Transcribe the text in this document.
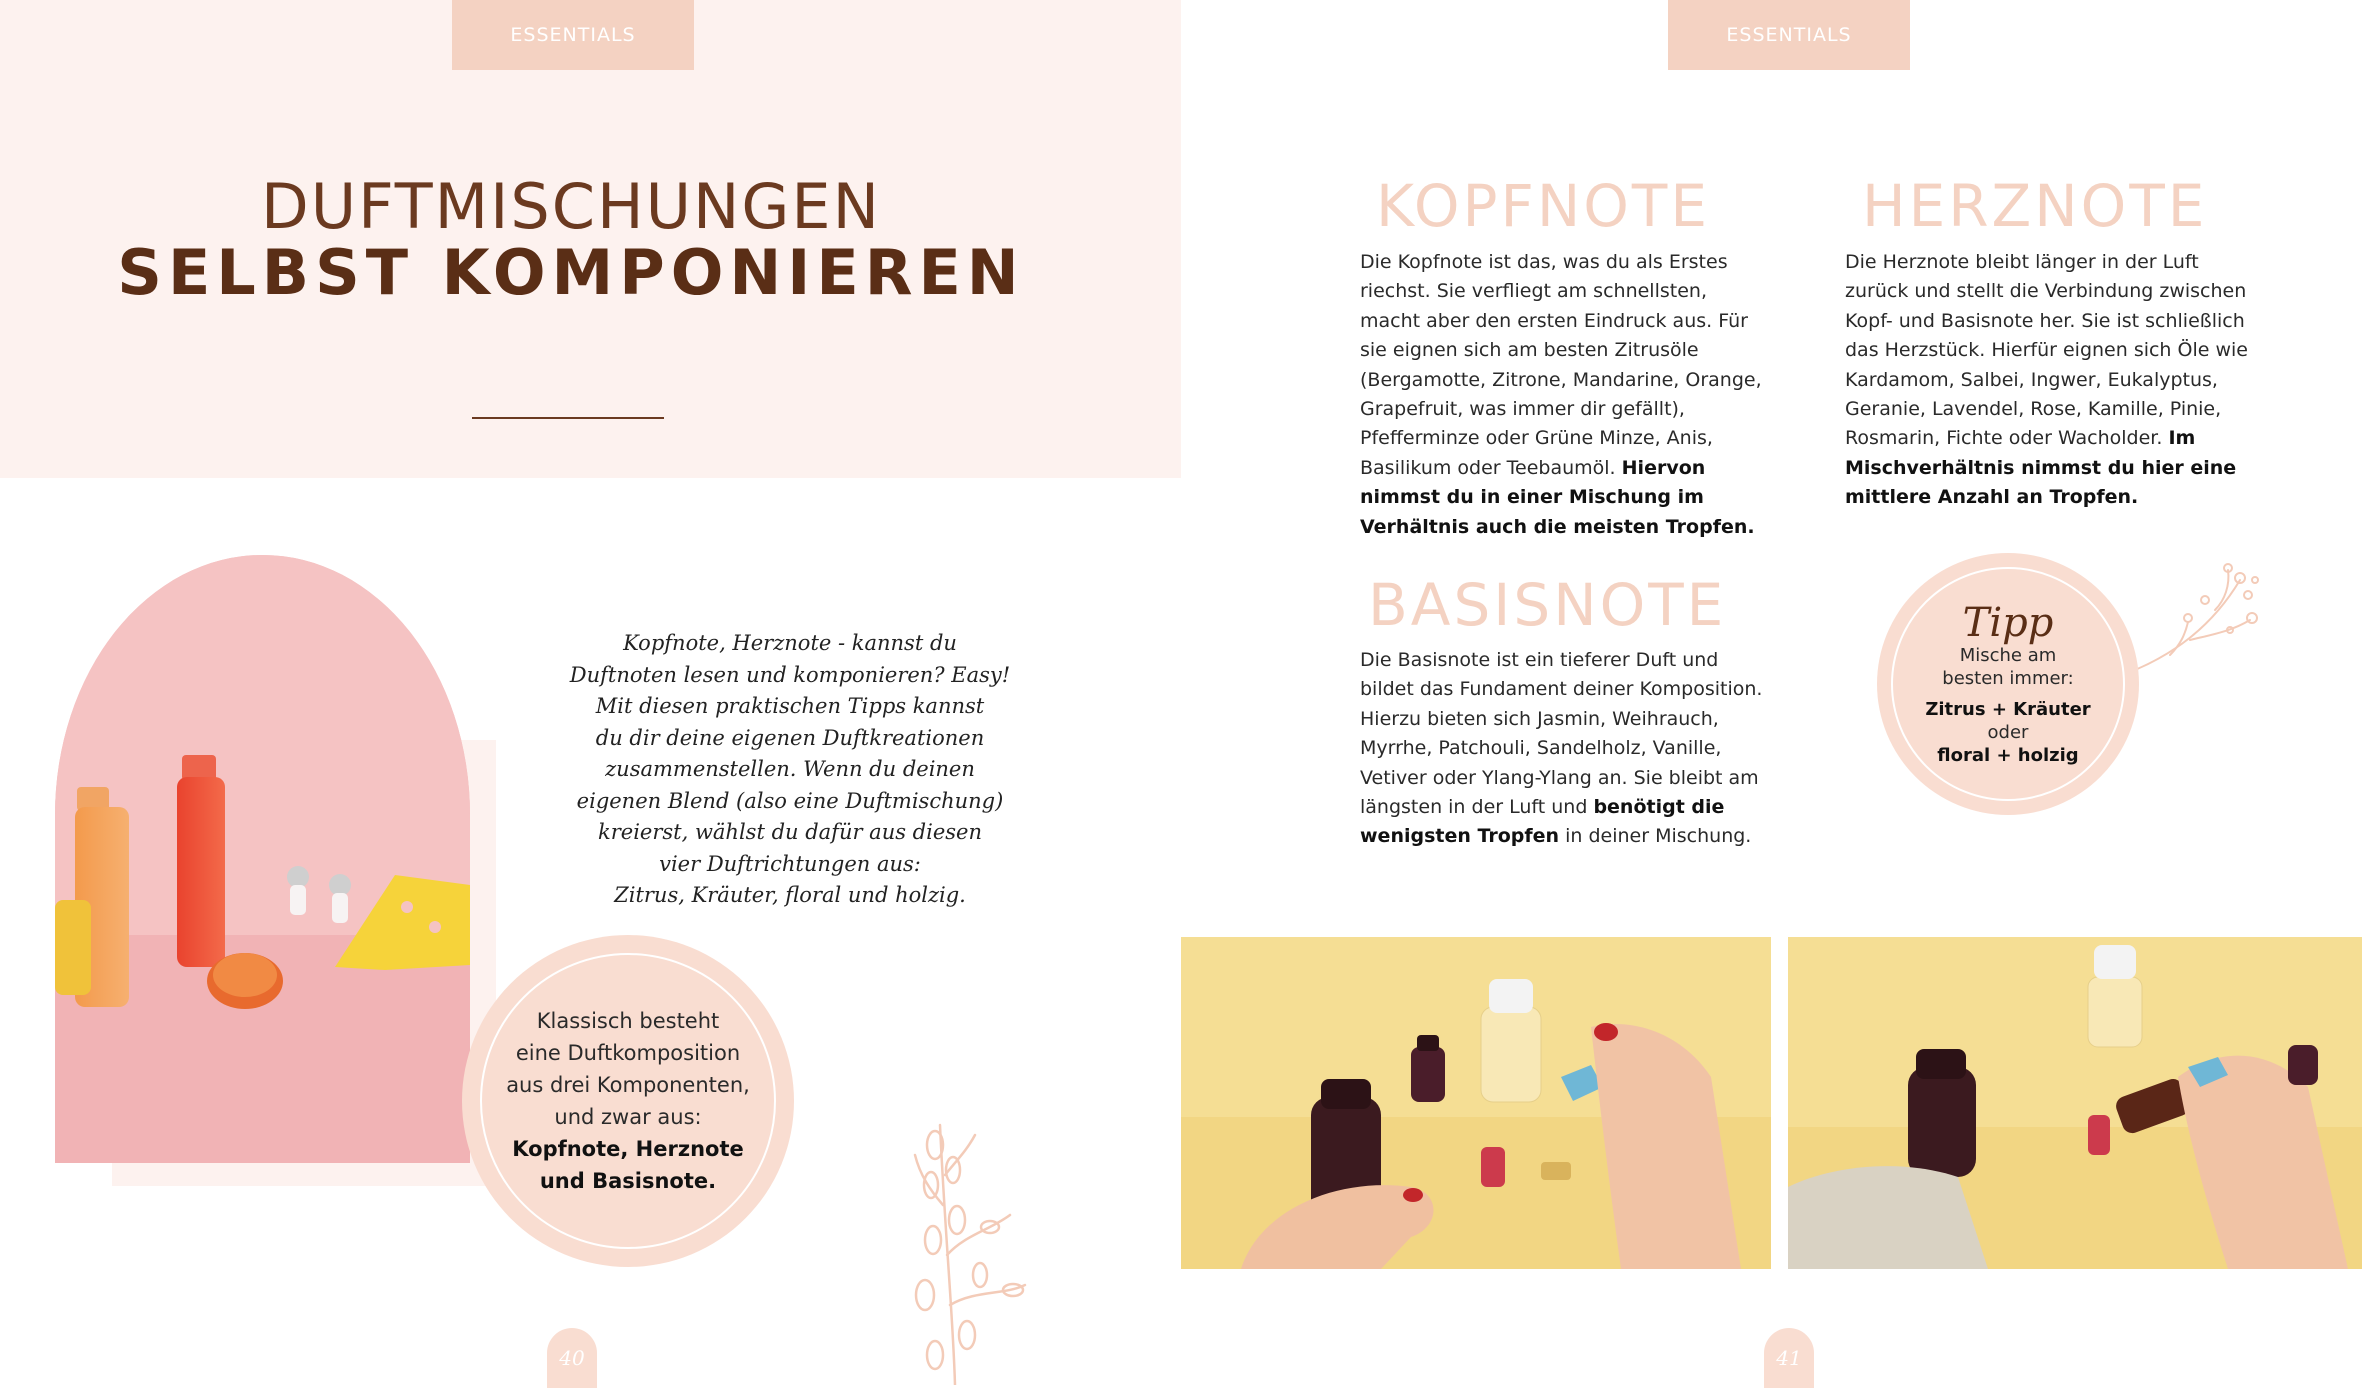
ESSENTIALS
DUFTMISCHUNGEN
SELBST KOMPONIEREN
Kopfnote, Herznote - kannst du
Duftnoten lesen und komponieren? Easy!
Mit diesen praktischen Tipps kannst
du dir deine eigenen Duftkreationen
zusammenstellen. Wenn du deinen
eigenen Blend (also eine Duftmischung)
kreierst, wählst du dafür aus diesen
vier Duftrichtungen aus:
Zitrus, Kräuter, floral und holzig.
Klassisch besteht
eine Duftkomposition
aus drei Komponenten,
und zwar aus:
Kopfnote, Herznote
und Basisnote.
40
ESSENTIALS
KOPFNOTE
Die Kopfnote ist das, was du als Erstes riechst. Sie verfliegt am schnellsten, macht aber den ersten Eindruck aus. Für sie eignen sich am besten Zitrusöle (Bergamotte, Zitrone, Mandarine, Orange, Grapefruit, was immer dir gefällt), Pfefferminze oder Grüne Minze, Anis, Basilikum oder Teebaumöl. Hiervon nimmst du in einer Mischung im Verhältnis auch die meisten Tropfen.
HERZNOTE
Die Herznote bleibt länger in der Luft zurück und stellt die Verbindung zwischen Kopf- und Basisnote her. Sie ist schließlich das Herzstück. Hierfür eignen sich Öle wie Kardamom, Salbei, Ingwer, Eukalyptus, Geranie, Lavendel, Rose, Kamille, Pinie, Rosmarin, Fichte oder Wacholder. Im Mischverhältnis nimmst du hier eine mittlere Anzahl an Tropfen.
BASISNOTE
Die Basisnote ist ein tieferer Duft und bildet das Fundament deiner Komposition. Hierzu bieten sich Jasmin, Weihrauch, Myrrhe, Patchouli, Sandelholz, Vanille, Vetiver oder Ylang-Ylang an. Sie bleibt am längsten in der Luft und benötigt die wenigsten Tropfen in deiner Mischung.
Tipp
Mische am
besten immer:
Zitrus + Kräuter
oder
floral + holzig
41
